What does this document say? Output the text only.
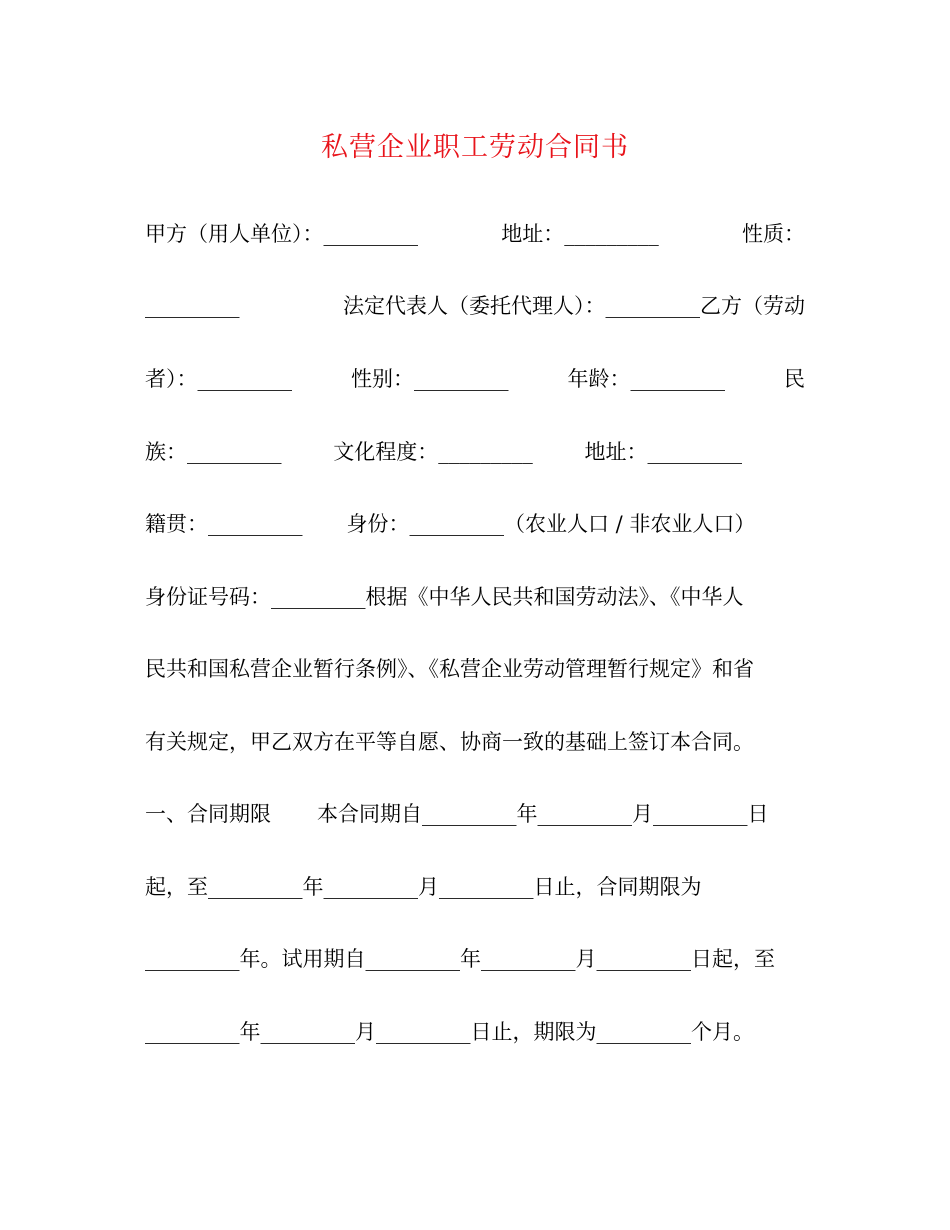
私营企业职工劳动合同书
甲方（用人单位）：_________	地址：_________	性质：
_________	法定代表人（委托代理人）：_________乙方（劳动
者）：_________	性别：_________	年龄：_________	民
族：_________ 文化程度：_________ 地址：_________
籍贯：_________ 身份：_________（农业人口 / 非农业人口）
身份证号码：_________根据《中华人民共和国劳动法》、《中华人
民共和国私营企业暂行条例》、《私营企业劳动管理暂行规定》和省
有关规定，甲乙双方在平等自愿、协商一致的基础上签订本合同。
一、合同期限 本合同期自_________年_________月_________日
起，至_________年_________月_________日止，合同期限为
_________年。试用期自_________年_________月_________日起，至
_________年_________月_________日止，期限为_________个月。
